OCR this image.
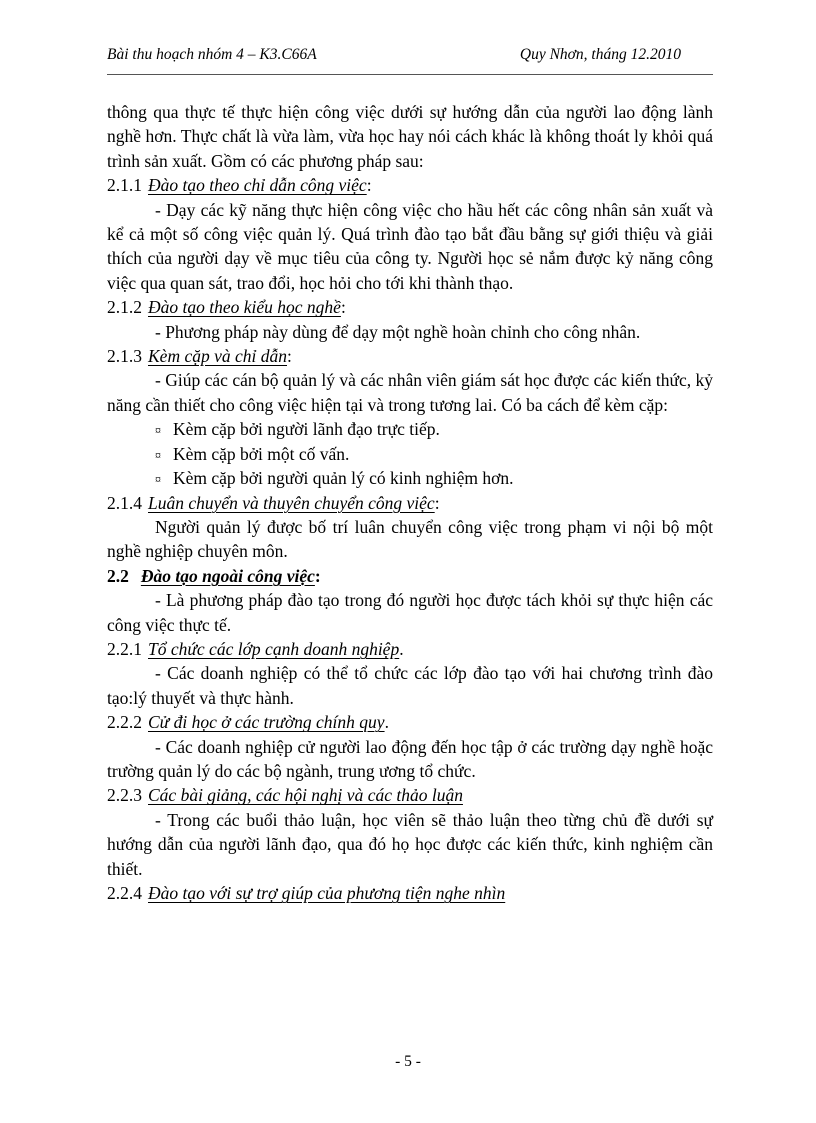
Bài thu hoạch nhóm 4 – K3.C66A	Quy Nhơn, tháng 12.2010

thông qua thực tế thực hiện công việc dưới sự hướng dẫn của người lao động lành nghề hơn. Thực chất là vừa làm, vừa học hay nói cách khác là không thoát ly khỏi quá trình sản xuất. Gồm có các phương pháp sau:

2.1.1 Đào tạo theo chỉ dẫn công việc:

- Dạy các kỹ năng thực hiện công việc cho hầu hết các công nhân sản xuất và kể cả một số công việc quản lý. Quá trình đào tạo bắt đầu bằng sự giới thiệu và giải thích của người dạy về mục tiêu của công ty. Người học sẻ nắm được kỷ năng công việc qua quan sát, trao đổi, học hỏi cho tới khi thành thạo.

2.1.2 Đào tạo theo kiểu học nghề:

- Phương pháp này dùng để dạy một nghề hoàn chỉnh cho công nhân.

2.1.3 Kèm cặp và chỉ dẫn:

- Giúp các cán bộ quản lý và các nhân viên giám sát học được các kiến thức, kỷ năng cần thiết cho công việc hiện tại và trong tương lai. Có ba cách để kèm cặp:

¤ Kèm cặp bởi người lãnh đạo trực tiếp.
¤ Kèm cặp bởi một cố vấn.
¤ Kèm cặp bởi người quản lý có kinh nghiệm hơn.

2.1.4 Luân chuyển và thuyên chuyển công việc:

Người quản lý được bố trí luân chuyển công việc trong phạm vi nội bộ một nghề nghiệp chuyên môn.

2.2 Đào tạo ngoài công việc:

- Là phương pháp đào tạo trong đó người học được tách khỏi sự thực hiện các công việc thực tế.

2.2.1 Tổ chức các lớp cạnh doanh nghiệp.

- Các doanh nghiệp có thể tổ chức các lớp đào tạo với hai chương trình đào tạo:lý thuyết và thực hành.

2.2.2 Cử đi học ở các trường chính quy.

- Các doanh nghiệp cử người lao động đến học tập ở các trường dạy nghề hoặc trường quản lý do các bộ ngành, trung ương tổ chức.

2.2.3 Các bài giảng, các hội nghị và các thảo luận

- Trong các buổi thảo luận, học viên sẽ thảo luận theo từng chủ đề dưới sự hướng dẫn của người lãnh đạo, qua đó họ học được các kiến thức, kinh nghiệm cần thiết.

2.2.4 Đào tạo với sự trợ giúp của phương tiện nghe nhìn

- 5 -
